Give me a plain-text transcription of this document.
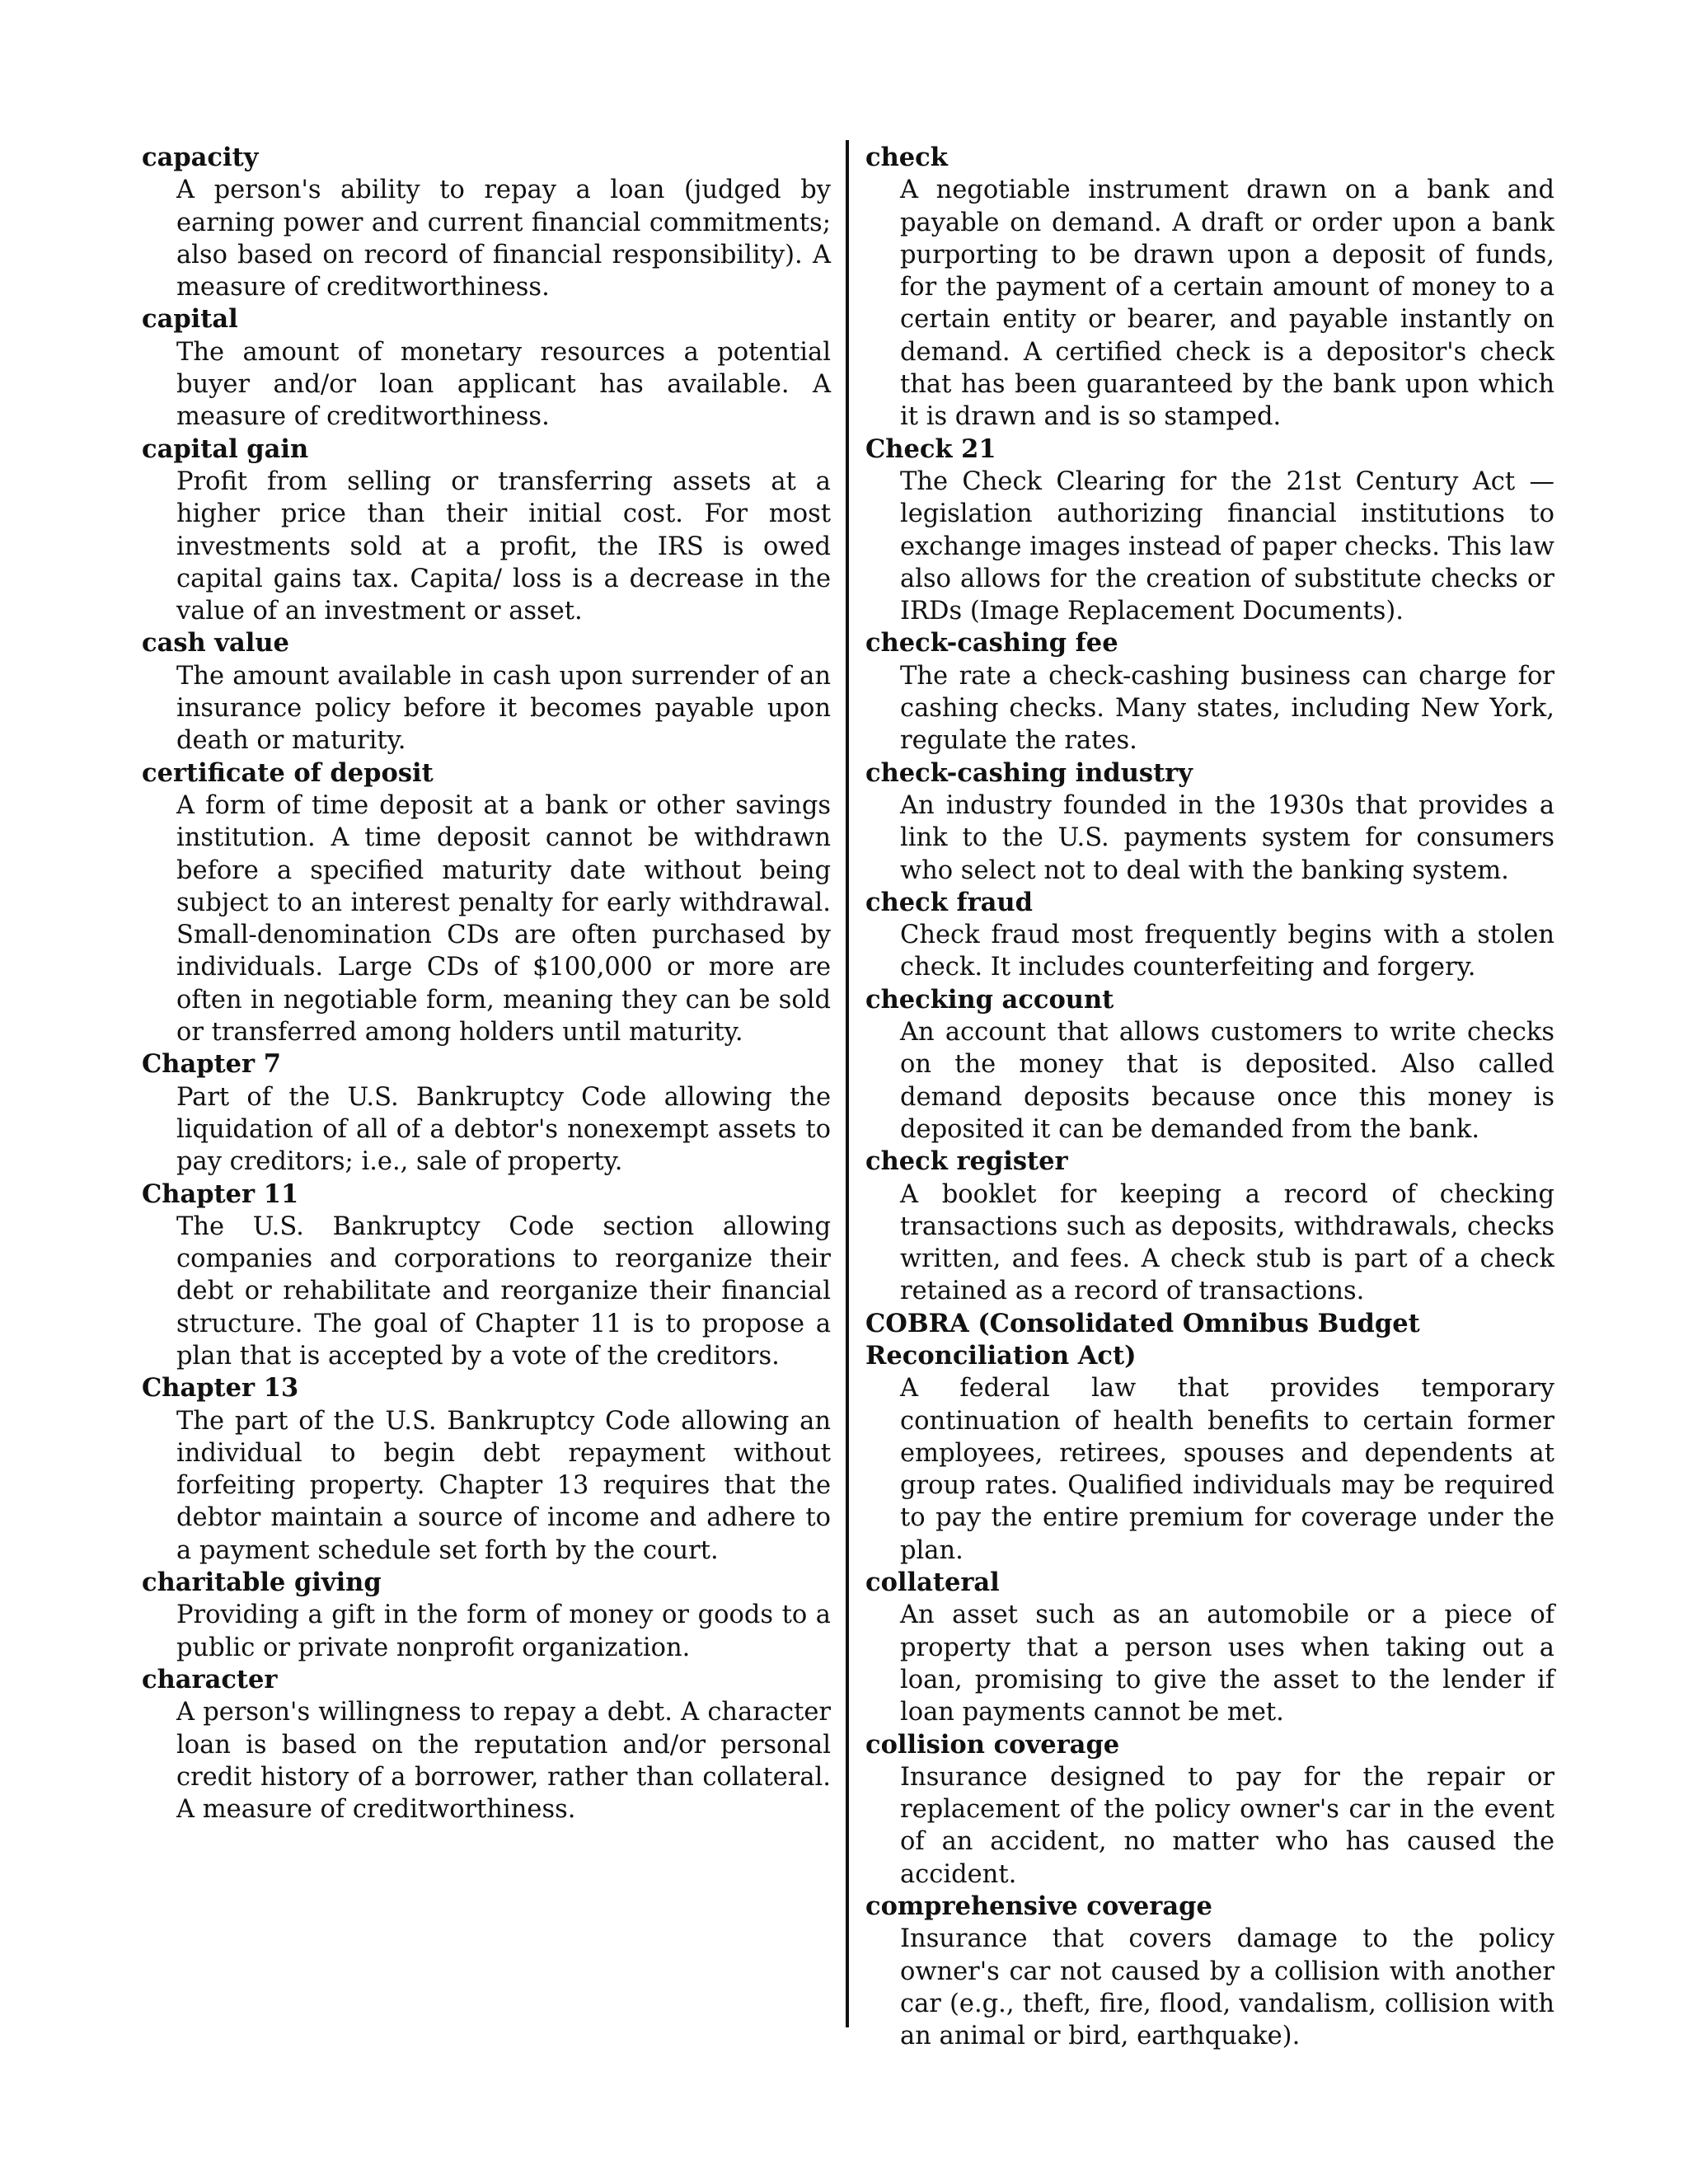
capacity
A person's ability to repay a loan (judged by earning power and current financial commitments; also based on record of financial responsibility). A measure of creditworthiness.
capital
The amount of monetary resources a potential buyer and/or loan applicant has available. A measure of creditworthiness.
capital gain
Profit from selling or transferring assets at a higher price than their initial cost. For most investments sold at a profit, the IRS is owed capital gains tax. Capita/ loss is a decrease in the value of an investment or asset.
cash value
The amount available in cash upon surrender of an insurance policy before it becomes payable upon death or maturity.
certificate of deposit
A form of time deposit at a bank or other savings institution. A time deposit cannot be withdrawn before a specified maturity date without being subject to an interest penalty for early withdrawal. Small-denomination CDs are often purchased by individuals. Large CDs of $100,000 or more are often in negotiable form, meaning they can be sold or transferred among holders until maturity.
Chapter 7
Part of the U.S. Bankruptcy Code allowing the liquidation of all of a debtor's nonexempt assets to pay creditors; i.e., sale of property.
Chapter 11
The U.S. Bankruptcy Code section allowing companies and corporations to reorganize their debt or rehabilitate and reorganize their financial structure. The goal of Chapter 11 is to propose a plan that is accepted by a vote of the creditors.
Chapter 13
The part of the U.S. Bankruptcy Code allowing an individual to begin debt repayment without forfeiting property. Chapter 13 requires that the debtor maintain a source of income and adhere to a payment schedule set forth by the court.
charitable giving
Providing a gift in the form of money or goods to a public or private nonprofit organization.
character
A person's willingness to repay a debt. A character loan is based on the reputation and/or personal credit history of a borrower, rather than collateral. A measure of creditworthiness.
check
A negotiable instrument drawn on a bank and payable on demand. A draft or order upon a bank purporting to be drawn upon a deposit of funds, for the payment of a certain amount of money to a certain entity or bearer, and payable instantly on demand. A certified check is a depositor's check that has been guaranteed by the bank upon which it is drawn and is so stamped.
Check 21
The Check Clearing for the 21st Century Act — legislation authorizing financial institutions to exchange images instead of paper checks. This law also allows for the creation of substitute checks or IRDs (Image Replacement Documents).
check-cashing fee
The rate a check-cashing business can charge for cashing checks. Many states, including New York, regulate the rates.
check-cashing industry
An industry founded in the 1930s that provides a link to the U.S. payments system for consumers who select not to deal with the banking system.
check fraud
Check fraud most frequently begins with a stolen check. It includes counterfeiting and forgery.
checking account
An account that allows customers to write checks on the money that is deposited. Also called demand deposits because once this money is deposited it can be demanded from the bank.
check register
A booklet for keeping a record of checking transactions such as deposits, withdrawals, checks written, and fees. A check stub is part of a check retained as a record of transactions.
COBRA (Consolidated Omnibus Budget Reconciliation Act)
A federal law that provides temporary continuation of health benefits to certain former employees, retirees, spouses and dependents at group rates. Qualified individuals may be required to pay the entire premium for coverage under the plan.
collateral
An asset such as an automobile or a piece of property that a person uses when taking out a loan, promising to give the asset to the lender if loan payments cannot be met.
collision coverage
Insurance designed to pay for the repair or replacement of the policy owner's car in the event of an accident, no matter who has caused the accident.
comprehensive coverage
Insurance that covers damage to the policy owner's car not caused by a collision with another car (e.g., theft, fire, flood, vandalism, collision with an animal or bird, earthquake).
